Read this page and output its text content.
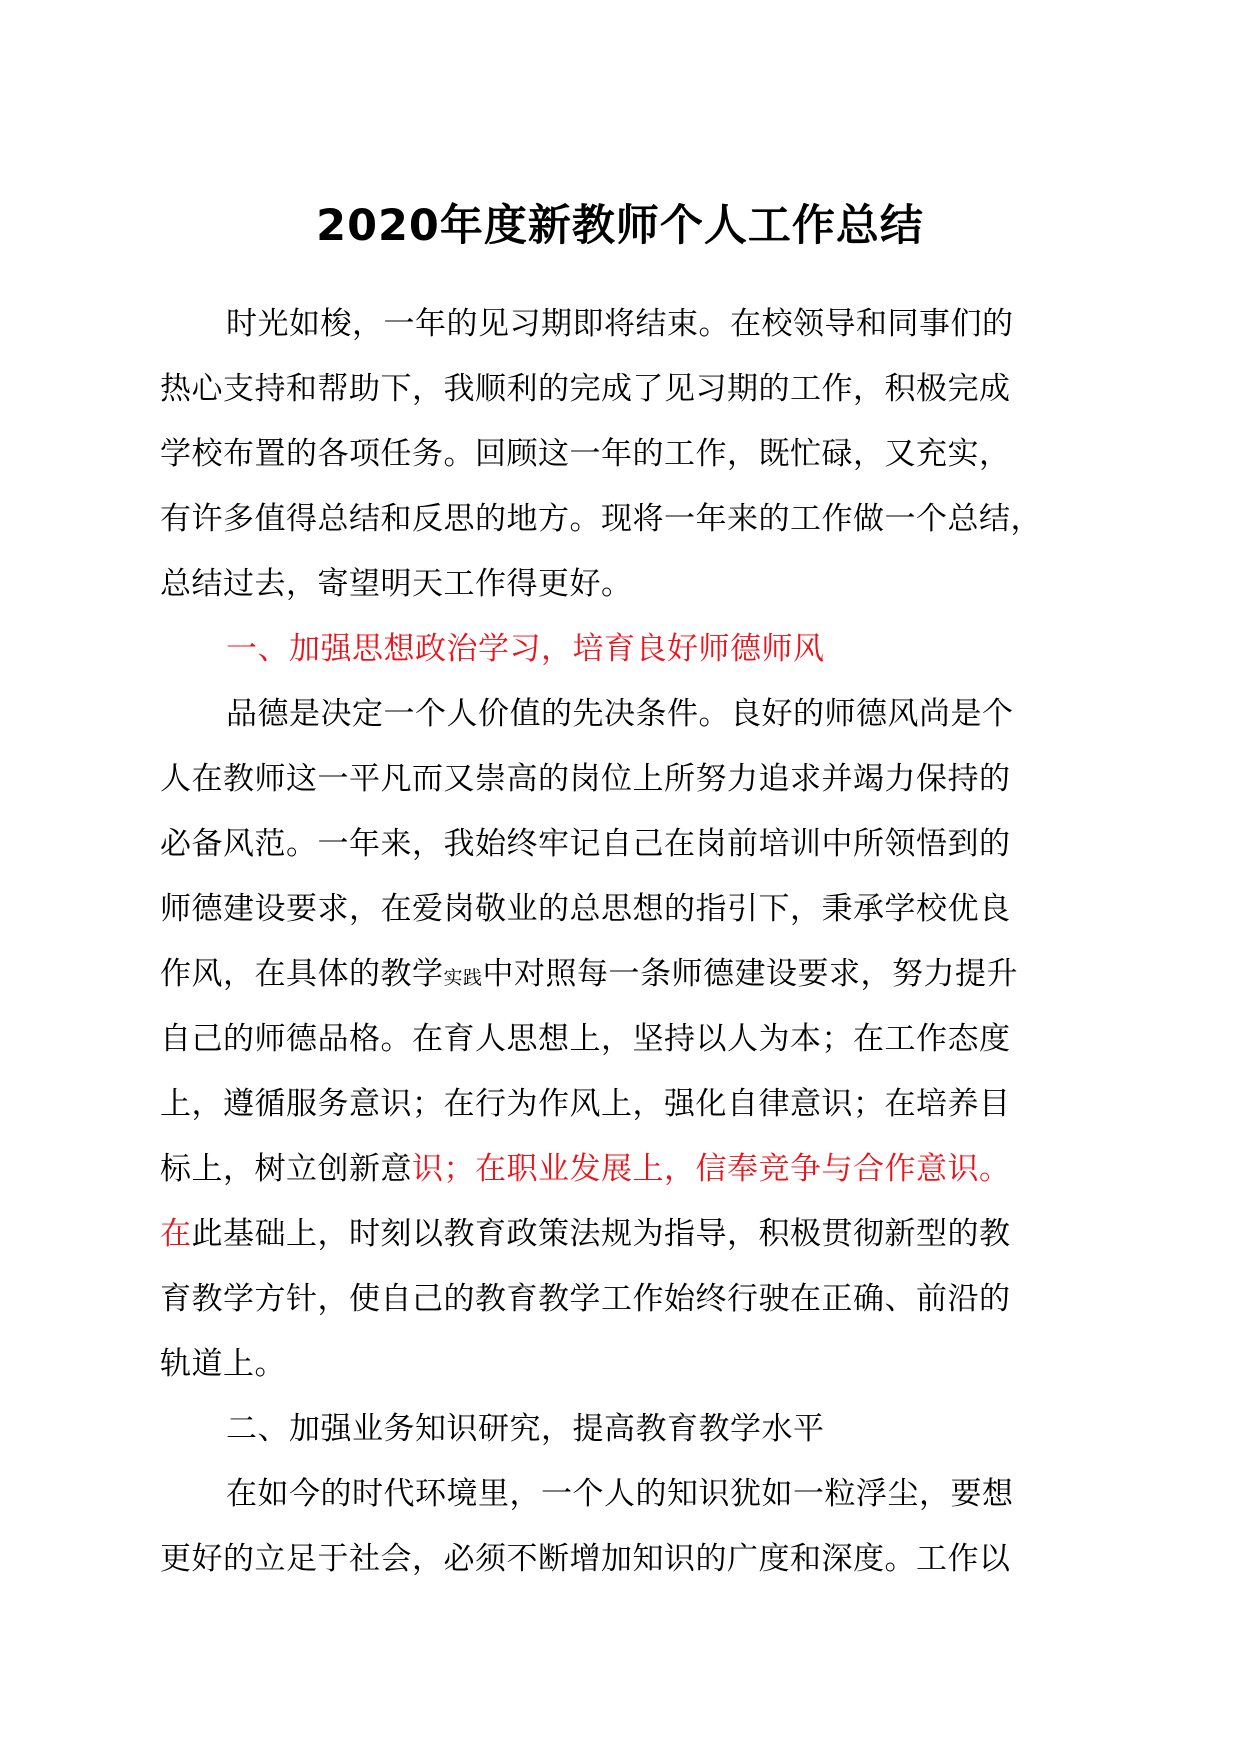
2020年度新教师个人工作总结
时光如梭，一年的见习期即将结束。在校领导和同事们的
热心支持和帮助下，我顺利的完成了见习期的工作，积极完成
学校布置的各项任务。回顾这一年的工作，既忙碌，又充实，
有许多值得总结和反思的地方。现将一年来的工作做一个总结，
总结过去，寄望明天工作得更好。
一、加强思想政治学习，培育良好师德师风
品德是决定一个人价值的先决条件。良好的师德风尚是个
人在教师这一平凡而又崇高的岗位上所努力追求并竭力保持的
必备风范。一年来，我始终牢记自己在岗前培训中所领悟到的
师德建设要求，在爱岗敬业的总思想的指引下，秉承学校优良
作风，在具体的教学实践中对照每一条师德建设要求，努力提升
自己的师德品格。在育人思想上，坚持以人为本；在工作态度
上，遵循服务意识；在行为作风上，强化自律意识；在培养目
标上，树立创新意识；在职业发展上，信奉竞争与合作意识。
在此基础上，时刻以教育政策法规为指导，积极贯彻新型的教
育教学方针，使自己的教育教学工作始终行驶在正确、前沿的
轨道上。
二、加强业务知识研究，提高教育教学水平
在如今的时代环境里，一个人的知识犹如一粒浮尘，要想
更好的立足于社会，必须不断增加知识的广度和深度。工作以
